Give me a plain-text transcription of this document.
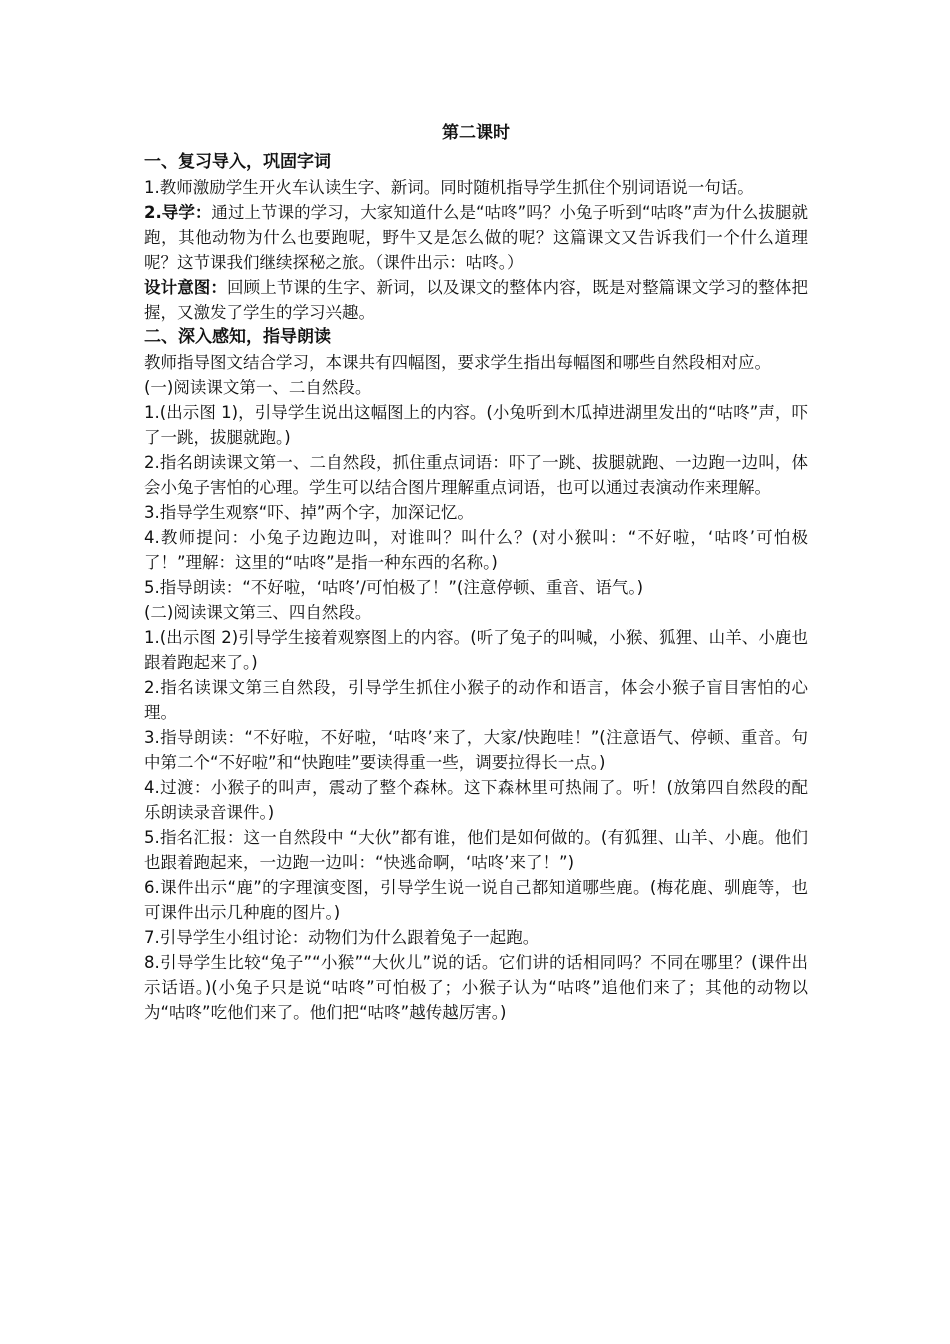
第二课时
一、复习导入，巩固字词

1.教师激励学生开火车认读生字、新词。同时随机指导学生抓住个别词语说一句话。

2.导学：通过上节课的学习，大家知道什么是“咕咚”吗？小兔子听到“咕咚”声为什么拔腿就跑，其他动物为什么也要跑呢，野牛又是怎么做的呢？这篇课文又告诉我们一个什么道理呢？这节课我们继续探秘之旅。（课件出示：咕咚。）

设计意图：回顾上节课的生字、新词，以及课文的整体内容，既是对整篇课文学习的整体把握，又激发了学生的学习兴趣。

二、深入感知，指导朗读

教师指导图文结合学习，本课共有四幅图，要求学生指出每幅图和哪些自然段相对应。

(一)阅读课文第一、二自然段。

1.(出示图 1)，引导学生说出这幅图上的内容。(小兔听到木瓜掉进湖里发出的“咕咚”声，吓了一跳，拔腿就跑。)

2.指名朗读课文第一、二自然段，抓住重点词语：吓了一跳、拔腿就跑、一边跑一边叫，体会小兔子害怕的心理。学生可以结合图片理解重点词语，也可以通过表演动作来理解。

3.指导学生观察“吓、掉”两个字，加深记忆。

4.教师提问：小兔子边跑边叫，对谁叫？叫什么？(对小猴叫：“不好啦，‘咕咚’可怕极了！”理解：这里的“咕咚”是指一种东西的名称。)

5.指导朗读：“不好啦，‘咕咚’/可怕极了！”(注意停顿、重音、语气。)

(二)阅读课文第三、四自然段。

1.(出示图 2)引导学生接着观察图上的内容。(听了兔子的叫喊，小猴、狐狸、山羊、小鹿也跟着跑起来了。)

2.指名读课文第三自然段，引导学生抓住小猴子的动作和语言，体会小猴子盲目害怕的心理。

3.指导朗读：“不好啦，不好啦，‘咕咚’来了，大家/快跑哇！”(注意语气、停顿、重音。句中第二个“不好啦”和“快跑哇”要读得重一些，调要拉得长一点。)

4.过渡：小猴子的叫声，震动了整个森林。这下森林里可热闹了。听！(放第四自然段的配乐朗读录音课件。)

5.指名汇报：这一自然段中 “大伙”都有谁，他们是如何做的。(有狐狸、山羊、小鹿。他们也跟着跑起来，一边跑一边叫：“快逃命啊，‘咕咚’来了！”)

6.课件出示“鹿”的字理演变图，引导学生说一说自己都知道哪些鹿。(梅花鹿、驯鹿等，也可课件出示几种鹿的图片。)

7.引导学生小组讨论：动物们为什么跟着兔子一起跑。

8.引导学生比较“兔子”“小猴”“大伙儿”说的话。它们讲的话相同吗？不同在哪里？(课件出示话语。)(小兔子只是说“咕咚”可怕极了；小猴子认为“咕咚”追他们来了；其他的动物以为“咕咚”吃他们来了。他们把“咕咚”越传越厉害。)
